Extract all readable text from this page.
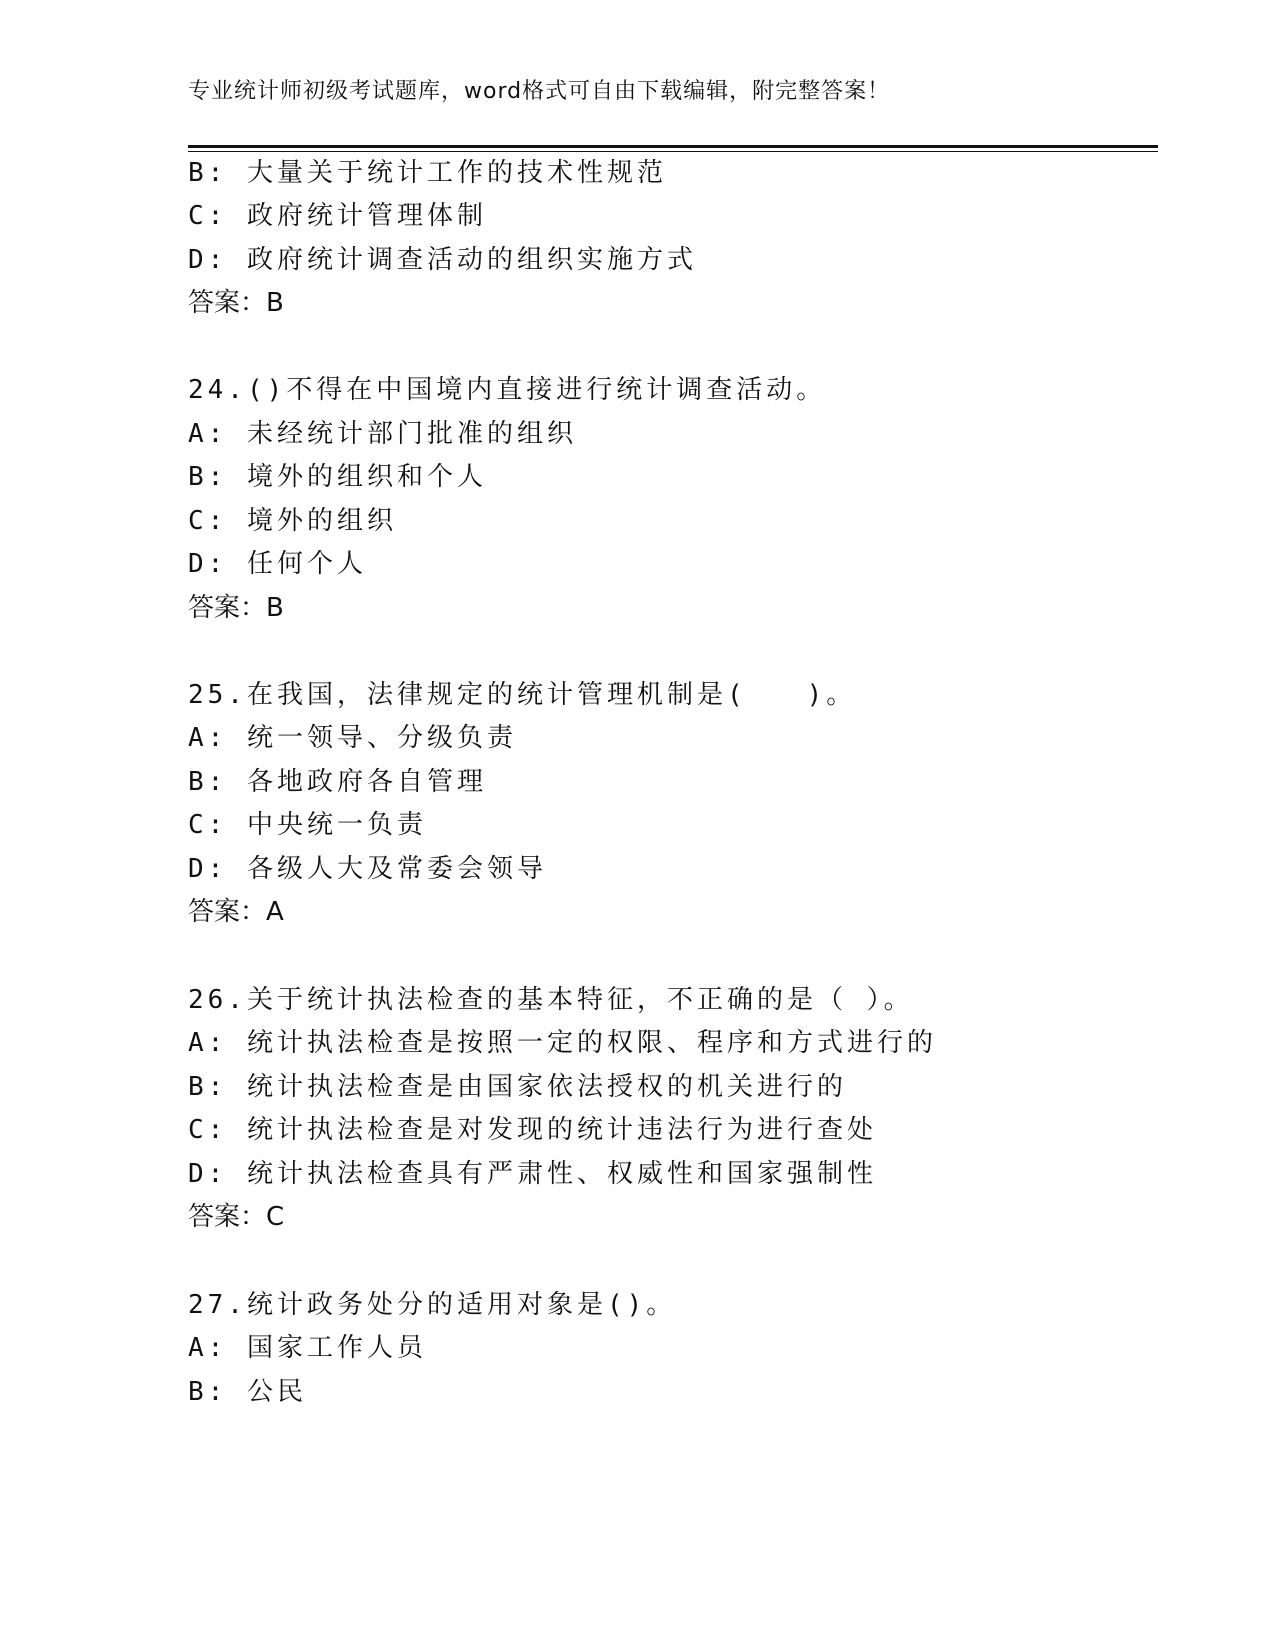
专业统计师初级考试题库，word格式可自由下载编辑，附完整答案！
B: 大量关于统计工作的技术性规范
C: 政府统计管理体制
D: 政府统计调查活动的组织实施方式
答案：B
24.()不得在中国境内直接进行统计调查活动。
A: 未经统计部门批准的组织
B: 境外的组织和个人
C: 境外的组织
D: 任何个人
答案：B
25.在我国，法律规定的统计管理机制是(　　)。
A: 统一领导、分级负责
B: 各地政府各自管理
C: 中央统一负责
D: 各级人大及常委会领导
答案：A
26.关于统计执法检查的基本特征，不正确的是（ ）。
A: 统计执法检查是按照一定的权限、程序和方式进行的
B: 统计执法检查是由国家依法授权的机关进行的
C: 统计执法检查是对发现的统计违法行为进行查处
D: 统计执法检查具有严肃性、权威性和国家强制性
答案：C
27.统计政务处分的适用对象是()。
A: 国家工作人员
B: 公民
